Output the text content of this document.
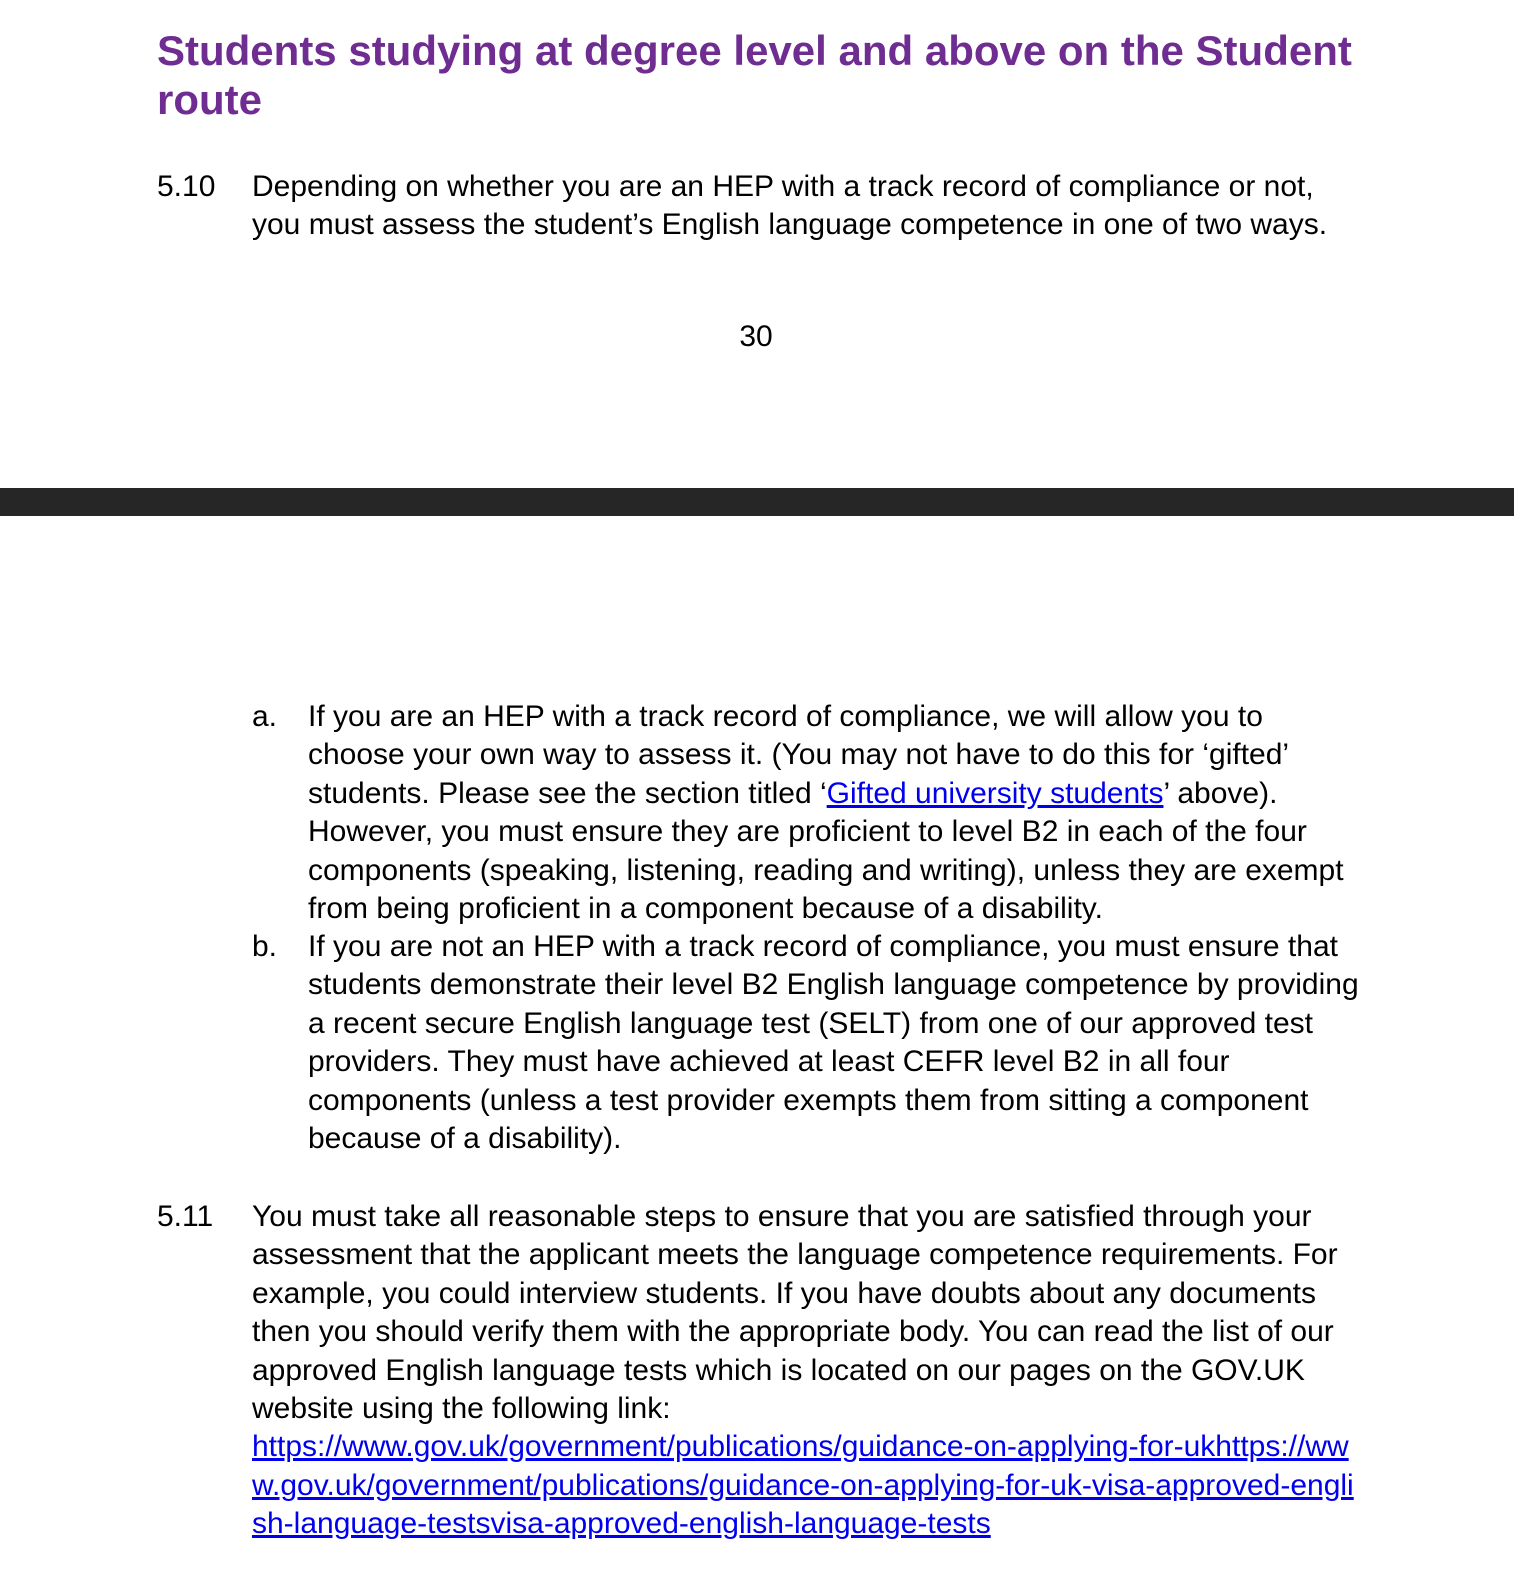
Students studying at degree level and above on the Student route
5.10 Depending on whether you are an HEP with a track record of compliance or not, you must assess the student’s English language competence in one of two ways.
30
a. If you are an HEP with a track record of compliance, we will allow you to choose your own way to assess it. (You may not have to do this for ‘gifted’ students. Please see the section titled ‘Gifted university students’ above). However, you must ensure they are proficient to level B2 in each of the four components (speaking, listening, reading and writing), unless they are exempt from being proficient in a component because of a disability.
b. If you are not an HEP with a track record of compliance, you must ensure that students demonstrate their level B2 English language competence by providing a recent secure English language test (SELT) from one of our approved test providers. They must have achieved at least CEFR level B2 in all four components (unless a test provider exempts them from sitting a component because of a disability).
5.11 You must take all reasonable steps to ensure that you are satisfied through your assessment that the applicant meets the language competence requirements. For example, you could interview students. If you have doubts about any documents then you should verify them with the appropriate body. You can read the list of our approved English language tests which is located on our pages on the GOV.UK website using the following link:
https://www.gov.uk/government/publications/guidance-on-applying-for-ukhttps://www.gov.uk/government/publications/guidance-on-applying-for-uk-visa-approved-english-language-testsvisa-approved-english-language-tests
